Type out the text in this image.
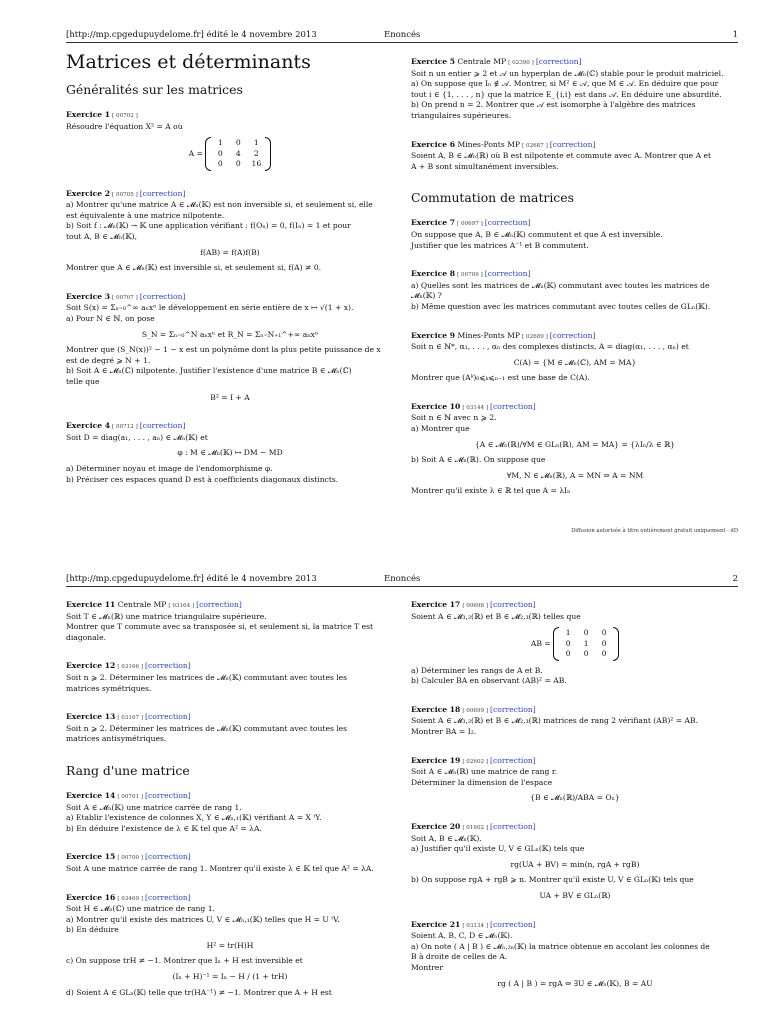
[http://mp.cpgedupuydelome.fr] édité le 4 novembre 2013	Enoncés	1
Matrices et déterminants
Généralités sur les matrices

Exercice 1 [ 00702 ]

Résoudre l'équation X² = A où

A =
1	0	1
0	4	2
0	0	16

Exercice 2 [ 00705 ] [correction]

a) Montrer qu'une matrice A ∈ 𝓜ₙ(𝕂) est non inversible si, et seulement si, elle

est équivalente à une matrice nilpotente.

b) Soit f : 𝓜ₙ(𝕂) → 𝕂 une application vérifiant : f(Oₙ) = 0, f(Iₙ) = 1 et pour

tout A, B ∈ 𝓜ₙ(𝕂),

f(AB) = f(A)f(B)

Montrer que A ∈ 𝓜ₙ(𝕂) est inversible si, et seulement si, f(A) ≠ 0.

Exercice 3 [ 00707 ] [correction]

Soit S(x) = Σₙ₌₀^∞ aₙxⁿ le développement en série entière de x ↦ √(1 + x).

a) Pour N ∈ ℕ, on pose

S_N = Σₙ₌₀^N aₙxⁿ et R_N = Σₙ₌N₊₁^+∞ aₙxⁿ

Montrer que (S_N(x))² − 1 − x est un polynôme dont la plus petite puissance de x

est de degré ⩾ N + 1.

b) Soit A ∈ 𝓜ₙ(ℂ) nilpotente. Justifier l'existence d'une matrice B ∈ 𝓜ₙ(ℂ)

telle que

B² = I + A

Exercice 4 [ 00712 ] [correction]

Soit D = diag(a₁, . . . , aₙ) ∈ 𝓜ₙ(𝕂) et

φ : M ∈ 𝓜ₙ(𝕂) ↦ DM − MD

a) Déterminer noyau et image de l'endomorphisme φ.

b) Préciser ces espaces quand D est à coefficients diagonaux distincts.

Exercice 5 Centrale MP [ 02390 ] [correction]

Soit n un entier ⩾ 2 et 𝒜 un hyperplan de 𝓜ₙ(ℂ) stable pour le produit matriciel.

a) On suppose que Iₙ ∉ 𝒜. Montrer, si M² ∈ 𝒜, que M ∈ 𝒜. En déduire que pour

tout i ∈ {1, . . . , n} que la matrice E_{i,i} est dans 𝒜. En déduire une absurdité.

b) On prend n = 2. Montrer que 𝒜 est isomorphe à l'algèbre des matrices

triangulaires supérieures.

Exercice 6 Mines-Ponts MP [ 02687 ] [correction]

Soient A, B ∈ 𝓜ₙ(ℝ) où B est nilpotente et commute avec A. Montrer que A et

A + B sont simultanément inversibles.

Commutation de matrices

Exercice 7 [ 00697 ] [correction]

On suppose que A, B ∈ 𝓜ₙ(𝕂) commutent et que A est inversible.

Justifier que les matrices A⁻¹ et B commutent.

Exercice 8 [ 00709 ] [correction]

a) Quelles sont les matrices de 𝓜ₙ(𝕂) commutant avec toutes les matrices de

𝓜ₙ(𝕂) ?

b) Même question avec les matrices commutant avec toutes celles de GLₙ(𝕂).

Exercice 9 Mines-Ponts MP [ 02689 ] [correction]

Soit n ∈ ℕ*, α₁, . . . , αₙ des complexes distincts, A = diag(α₁, . . . , αₙ) et

C(A) = {M ∈ 𝓜ₙ(ℂ), AM = MA}

Montrer que (Aᵏ)₀⩽ₖ⩽ₙ₋₁ est une base de C(A).

Exercice 10 [ 03144 ] [correction]

Soit n ∈ ℕ avec n ⩾ 2.

a) Montrer que

{A ∈ 𝓜ₙ(ℝ)/∀M ∈ GLₙ(ℝ), AM = MA} = {λIₙ/λ ∈ ℝ}

b) Soit A ∈ 𝓜ₙ(ℝ). On suppose que

∀M, N ∈ 𝓜ₙ(ℝ), A = MN ⇒ A = NM

Montrer qu'il existe λ ∈ ℝ tel que A = λIₙ

Diffusion autorisée à titre entièrement gratuit uniquement - dD
[http://mp.cpgedupuydelome.fr] édité le 4 novembre 2013	Enoncés	2

Exercice 11 Centrale MP [ 03164 ] [correction]

Soit T ∈ 𝓜ₙ(ℝ) une matrice triangulaire supérieure.

Montrer que T commute avec sa transposée si, et seulement si, la matrice T est

diagonale.

Exercice 12 [ 03166 ] [correction]

Soit n ⩾ 2. Déterminer les matrices de 𝓜ₙ(𝕂) commutant avec toutes les

matrices symétriques.

Exercice 13 [ 03167 ] [correction]

Soit n ⩾ 2. Déterminer les matrices de 𝓜ₙ(𝕂) commutant avec toutes les

matrices antisymétriques.

Rang d'une matrice

Exercice 14 [ 00701 ] [correction]

Soit A ∈ 𝓜ₙ(𝕂) une matrice carrée de rang 1.

a) Etablir l'existence de colonnes X, Y ∈ 𝓜ₙ,₁(𝕂) vérifiant A = X ᵗY.

b) En déduire l'existence de λ ∈ 𝕂 tel que A² = λA.

Exercice 15 [ 00700 ] [correction]

Soit A une matrice carrée de rang 1. Montrer qu'il existe λ ∈ 𝕂 tel que A² = λA.

Exercice 16 [ 03469 ] [correction]

Soit H ∈ 𝓜ₙ(ℂ) une matrice de rang 1.

a) Montrer qu'il existe des matrices U, V ∈ 𝓜ₙ,₁(𝕂) telles que H = U ᵗV.

b) En déduire

H² = tr(H)H

c) On suppose trH ≠ −1. Montrer que Iₙ + H est inversible et

(Iₙ + H)⁻¹ = Iₙ − H / (1 + trH)

d) Soient A ∈ GLₙ(𝕂) telle que tr(HA⁻¹) ≠ −1. Montrer que A + H est

Exercice 17 [ 00698 ] [correction]

Soient A ∈ 𝓜₃,₂(ℝ) et B ∈ 𝓜₂,₃(ℝ) telles que

AB =
1	0	0
0	1	0
0	0	0

a) Déterminer les rangs de A et B.

b) Calculer BA en observant (AB)² = AB.

Exercice 18 [ 00699 ] [correction]

Soient A ∈ 𝓜₃,₂(ℝ) et B ∈ 𝓜₂,₃(ℝ) matrices de rang 2 vérifiant (AB)² = AB.

Montrer BA = I₂.

Exercice 19 [ 02602 ] [correction]

Soit A ∈ 𝓜ₙ(ℝ) une matrice de rang r.

Déterminer la dimension de l'espace

{B ∈ 𝓜ₙ(ℝ)/ABA = Oₙ}

Exercice 20 [ 01602 ] [correction]

Soit A, B ∈ 𝓜ₙ(𝕂).

a) Justifier qu'il existe U, V ∈ GLₙ(𝕂) tels que

rg(UA + BV) = min(n, rgA + rgB)

b) On suppose rgA + rgB ⩾ n. Montrer qu'il existe U, V ∈ GLₙ(𝕂) tels que

UA + BV ∈ GLₙ(ℝ)

Exercice 21 [ 03134 ] [correction]

Soient A, B, C, D ∈ 𝓜ₙ(𝕂).

a) On note ( A | B ) ∈ 𝓜ₙ,₂ₙ(𝕂) la matrice obtenue en accolant les colonnes de

B à droite de celles de A.

Montrer

rg ( A | B ) = rgA ⇔ ∃U ∈ 𝓜ₙ(𝕂), B = AU
